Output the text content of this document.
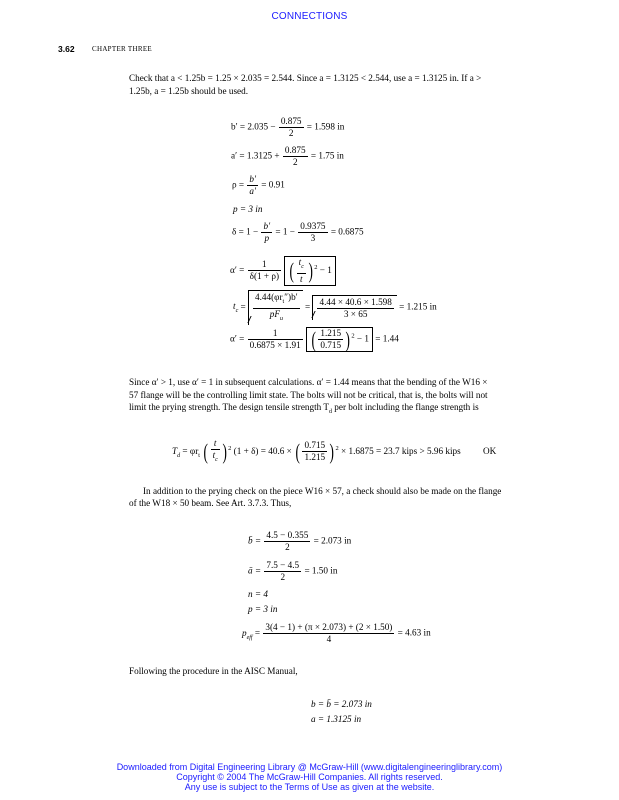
CONNECTIONS
3.62 CHAPTER THREE
Check that a < 1.25b = 1.25 × 2.035 = 2.544. Since a = 1.3125 < 2.544, use a = 1.3125 in. If a >
1.25b, a = 1.25b should be used.
$b' = 2.035 - \frac{0.875}{2} = 1.598$ in
$a' = 1.3125 + \frac{0.875}{2} = 1.75$ in
$\rho = \frac{b'}{a'} = 0.91$
p = 3 in
$\delta = 1 - \frac{b'}{p} = 1 - \frac{0.9375}{3} = 0.6875$
$\alpha' = \frac{1}{\delta(1 + \rho)}$ ( $\frac{t_c}{t} )^2 - 1$
$t_c = \frac{4.44(\varphi r_t'')b'}{pF_u} = \frac{4.44 \times 40.6 \times 1.598}{3 \times 65} = 1.215$ in
$\alpha' = \frac{1}{0.6875 \times 1.91}$ ( $\frac{1.215}{0.715} )^2 - 1 = 1.44$
Since α′ > 1, use α′ = 1 in subsequent calculations. α′ = 1.44 means that the bending of the W16 ×
57 flange will be the controlling limit state. The bolts will not be critical, that is, the bolts will not
limit the prying strength. The design tensile strength $T_d$ per bolt including the flange strength is
$T_d = \varphi r_t$ ( $\frac{t}{t_c} )^2$ (1 + δ) = 40.6 × ( $\frac{0.715}{1.215} )^2 \times 1.6875 = 23.7$ kips > 5.96 kips OK
In addition to the prying check on the piece W16 × 57, a check should also be made on the flange
of the W18 × 50 beam. See Art. 3.7.3. Thus,
b̄ = $\frac{4.5 - 0.355}{2} = 2.073$ in
ā = $\frac{7.5 - 4.5}{2} = 1.50$ in
n = 4
p = 3 in
$p_{eff} = \frac{3(4 - 1) + (\pi \times 2.073) + (2 \times 1.50)}{4} = 4.63$ in
Following the procedure in the AISC Manual,
b = b̄ = 2.073 in
a = 1.3125 in
Downloaded from Digital Engineering Library @ McGraw-Hill (www.digitalengineeringlibrary.com)
Copyright © 2004 The McGraw-Hill Companies. All rights reserved.
Any use is subject to the Terms of Use as given at the website.
